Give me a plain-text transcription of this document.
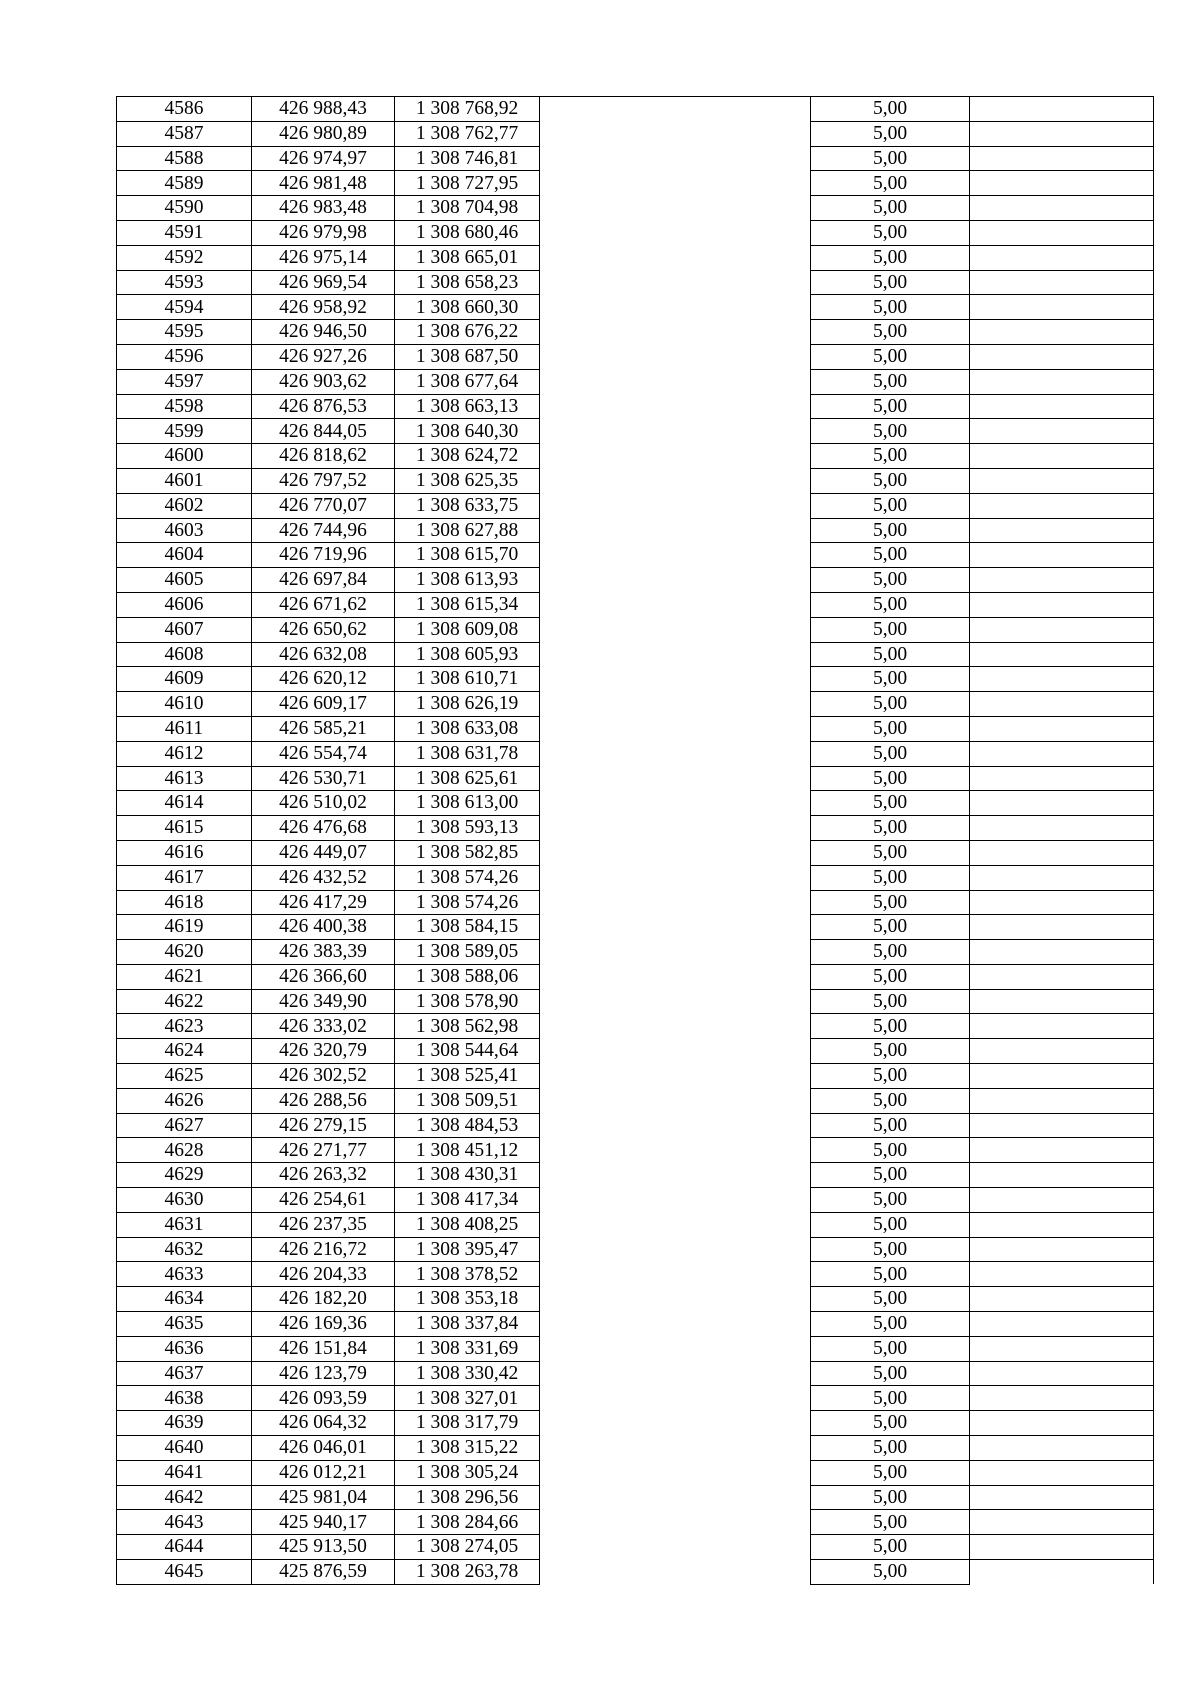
4586	426 988,43	1 308 768,92		5,00	
4587	426 980,89	1 308 762,77		5,00	
4588	426 974,97	1 308 746,81		5,00	
4589	426 981,48	1 308 727,95		5,00	
4590	426 983,48	1 308 704,98		5,00	
4591	426 979,98	1 308 680,46		5,00	
4592	426 975,14	1 308 665,01		5,00	
4593	426 969,54	1 308 658,23		5,00	
4594	426 958,92	1 308 660,30		5,00	
4595	426 946,50	1 308 676,22		5,00	
4596	426 927,26	1 308 687,50		5,00	
4597	426 903,62	1 308 677,64		5,00	
4598	426 876,53	1 308 663,13		5,00	
4599	426 844,05	1 308 640,30		5,00	
4600	426 818,62	1 308 624,72		5,00	
4601	426 797,52	1 308 625,35		5,00	
4602	426 770,07	1 308 633,75		5,00	
4603	426 744,96	1 308 627,88		5,00	
4604	426 719,96	1 308 615,70		5,00	
4605	426 697,84	1 308 613,93		5,00	
4606	426 671,62	1 308 615,34		5,00	
4607	426 650,62	1 308 609,08		5,00	
4608	426 632,08	1 308 605,93		5,00	
4609	426 620,12	1 308 610,71		5,00	
4610	426 609,17	1 308 626,19		5,00	
4611	426 585,21	1 308 633,08		5,00	
4612	426 554,74	1 308 631,78		5,00	
4613	426 530,71	1 308 625,61		5,00	
4614	426 510,02	1 308 613,00		5,00	
4615	426 476,68	1 308 593,13		5,00	
4616	426 449,07	1 308 582,85		5,00	
4617	426 432,52	1 308 574,26		5,00	
4618	426 417,29	1 308 574,26		5,00	
4619	426 400,38	1 308 584,15		5,00	
4620	426 383,39	1 308 589,05		5,00	
4621	426 366,60	1 308 588,06		5,00	
4622	426 349,90	1 308 578,90		5,00	
4623	426 333,02	1 308 562,98		5,00	
4624	426 320,79	1 308 544,64		5,00	
4625	426 302,52	1 308 525,41		5,00	
4626	426 288,56	1 308 509,51		5,00	
4627	426 279,15	1 308 484,53		5,00	
4628	426 271,77	1 308 451,12		5,00	
4629	426 263,32	1 308 430,31		5,00	
4630	426 254,61	1 308 417,34		5,00	
4631	426 237,35	1 308 408,25		5,00	
4632	426 216,72	1 308 395,47		5,00	
4633	426 204,33	1 308 378,52		5,00	
4634	426 182,20	1 308 353,18		5,00	
4635	426 169,36	1 308 337,84		5,00	
4636	426 151,84	1 308 331,69		5,00	
4637	426 123,79	1 308 330,42		5,00	
4638	426 093,59	1 308 327,01		5,00	
4639	426 064,32	1 308 317,79		5,00	
4640	426 046,01	1 308 315,22		5,00	
4641	426 012,21	1 308 305,24		5,00	
4642	425 981,04	1 308 296,56		5,00	
4643	425 940,17	1 308 284,66		5,00	
4644	425 913,50	1 308 274,05		5,00	
4645	425 876,59	1 308 263,78		5,00	
